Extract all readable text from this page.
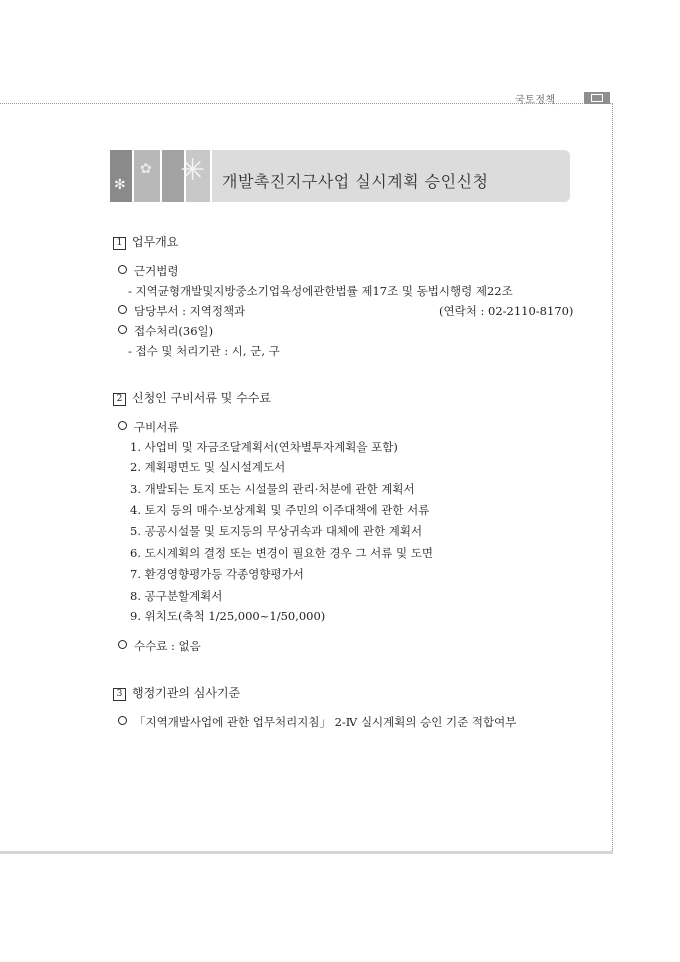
국토정책
✻
✿ ✳ 개발촉진지구사업 실시계획 승인신청
1 업무개요
근거법령
- 지역균형개발및지방중소기업육성에관한법률 제17조 및 동법시행령 제22조
담당부서 : 지역정책과	(연락처 : 02-2110-8170)
접수처리(36일)
- 접수 및 처리기관 : 시, 군, 구
2 신청인 구비서류 및 수수료
구비서류
1. 사업비 및 자금조달계획서(연차별투자계획을 포함)
2. 계획평면도 및 실시설계도서
3. 개발되는 토지 또는 시설물의 관리·처분에 관한 계획서
4. 토지 등의 매수·보상계획 및 주민의 이주대책에 관한 서류
5. 공공시설물 및 토지등의 무상귀속과 대체에 관한 계획서
6. 도시계획의 결정 또는 변경이 필요한 경우 그 서류 및 도면
7. 환경영향평가등 각종영향평가서
8. 공구분할계획서
9. 위치도(축척 1/25,000~1/50,000)
수수료 : 없음
3 행정기관의 심사기준
「지역개발사업에 관한 업무처리지침」 2-Ⅳ 실시계획의 승인 기준 적합여부
